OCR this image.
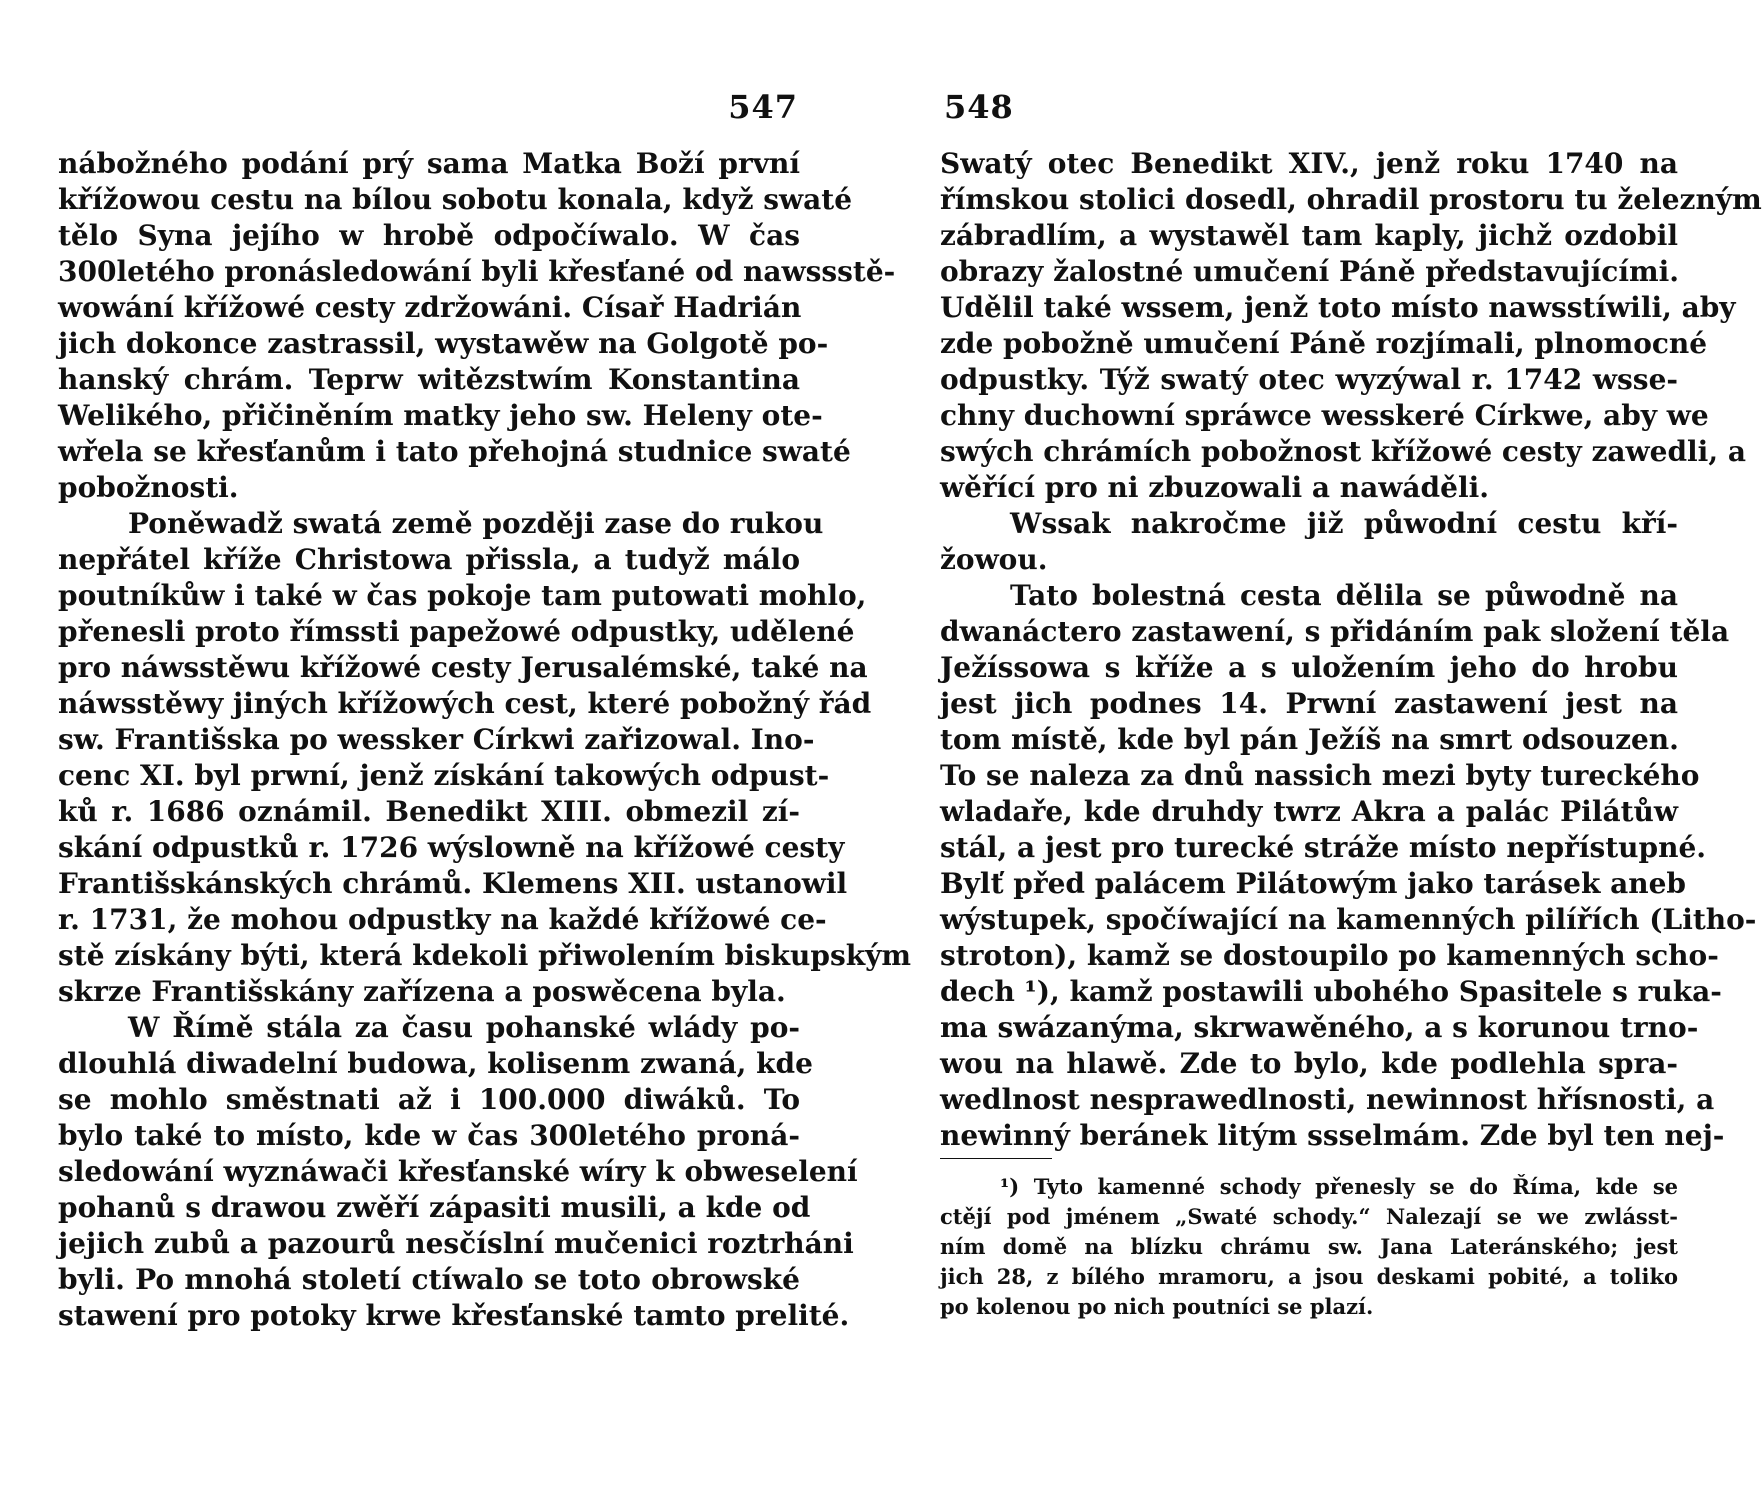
547
nábožného podání prý sama Matka Boží první
křížowou cestu na bílou sobotu konala, když swaté
tělo Syna jejího w hrobě odpočíwalo. W čas
300letého pronásledowání byli křesťané od nawssstě-
wowání křížowé cesty zdržowáni. Císař Hadrián
jich dokonce zastrassil, wystawěw na Golgotě po-
hanský chrám. Teprw witězstwím Konstantina
Welikého, přičiněním matky jeho sw. Heleny ote-
wřela se křesťanům i tato přehojná studnice swaté
pobožnosti.
Poněwadž swatá země později zase do rukou
nepřátel kříže Christowa přissla, a tudyž málo
poutníkůw i také w čas pokoje tam putowati mohlo,
přenesli proto římssti papežowé odpustky, udělené
pro náwsstěwu křížowé cesty Jerusalémské, také na
náwsstěwy jiných křížowých cest, které pobožný řád
sw. Františska po wessker Církwi zařizowal. Ino-
cenc XI. byl prwní, jenž získání takowých odpust-
ků r. 1686 oznámil. Benedikt XIII. obmezil zí-
skání odpustků r. 1726 wýslowně na křížowé cesty
Františskánských chrámů. Klemens XII. ustanowil
r. 1731, že mohou odpustky na každé křížowé ce-
stě získány býti, která kdekoli přiwolením biskupským
skrze Františskány zařízena a poswěcena byla.
W Římě stála za času pohanské wlády po-
dlouhlá diwadelní budowa, kolisenm zwaná, kde
se mohlo směstnati až i 100.000 diwáků. To
bylo také to místo, kde w čas 300letého proná-
sledowání wyznáwači křesťanské wíry k obweselení
pohanů s drawou zwěří zápasiti musili, a kde od
jejich zubů a pazourů nesčíslní mučenici roztrháni
byli. Po mnohá století ctíwalo se toto obrowské
stawení pro potoky krwe křesťanské tamto prelité.
548
Swatý otec Benedikt XIV., jenž roku 1740 na
římskou stolici dosedl, ohradil prostoru tu železným
zábradlím, a wystawěl tam kaply, jichž ozdobil
obrazy žalostné umučení Páně představujícími.
Udělil také wssem, jenž toto místo nawsstíwili, aby
zde pobožně umučení Páně rozjímali, plnomocné
odpustky. Týž swatý otec wyzýwal r. 1742 wsse-
chny duchowní spráwce wesskeré Církwe, aby we
swých chrámích pobožnost křížowé cesty zawedli, a
wěřící pro ni zbuzowali a nawáděli.
Wssak nakročme již půwodní cestu kří-
žowou.
Tato bolestná cesta dělila se půwodně na
dwanáctero zastawení, s přidáním pak složení těla
Ježíssowa s kříže a s uložením jeho do hrobu
jest jich podnes 14. Prwní zastawení jest na
tom místě, kde byl pán Ježíš na smrt odsouzen.
To se naleza za dnů nassich mezi byty tureckého
wladaře, kde druhdy twrz Akra a palác Pilátůw
stál, a jest pro turecké stráže místo nepřístupné.
Bylť před palácem Pilátowým jako tarásek aneb
wýstupek, spočíwající na kamenných pilířích (Litho-
stroton), kamž se dostoupilo po kamenných scho-
dech ¹), kamž postawili ubohého Spasitele s ruka-
ma swázanýma, skrwawěného, a s korunou trno-
wou na hlawě. Zde to bylo, kde podlehla spra-
wedlnost nesprawedlnosti, newinnost hřísnosti, a
newinný beránek litým ssselmám. Zde byl ten nej-
¹) Tyto kamenné schody přenesly se do Říma, kde se
ctějí pod jménem „Swaté schody.“ Nalezají se we zwlásst-
ním domě na blízku chrámu sw. Jana Lateránského; jest
jich 28, z bílého mramoru, a jsou deskami pobité, a toliko
po kolenou po nich poutníci se plazí.
